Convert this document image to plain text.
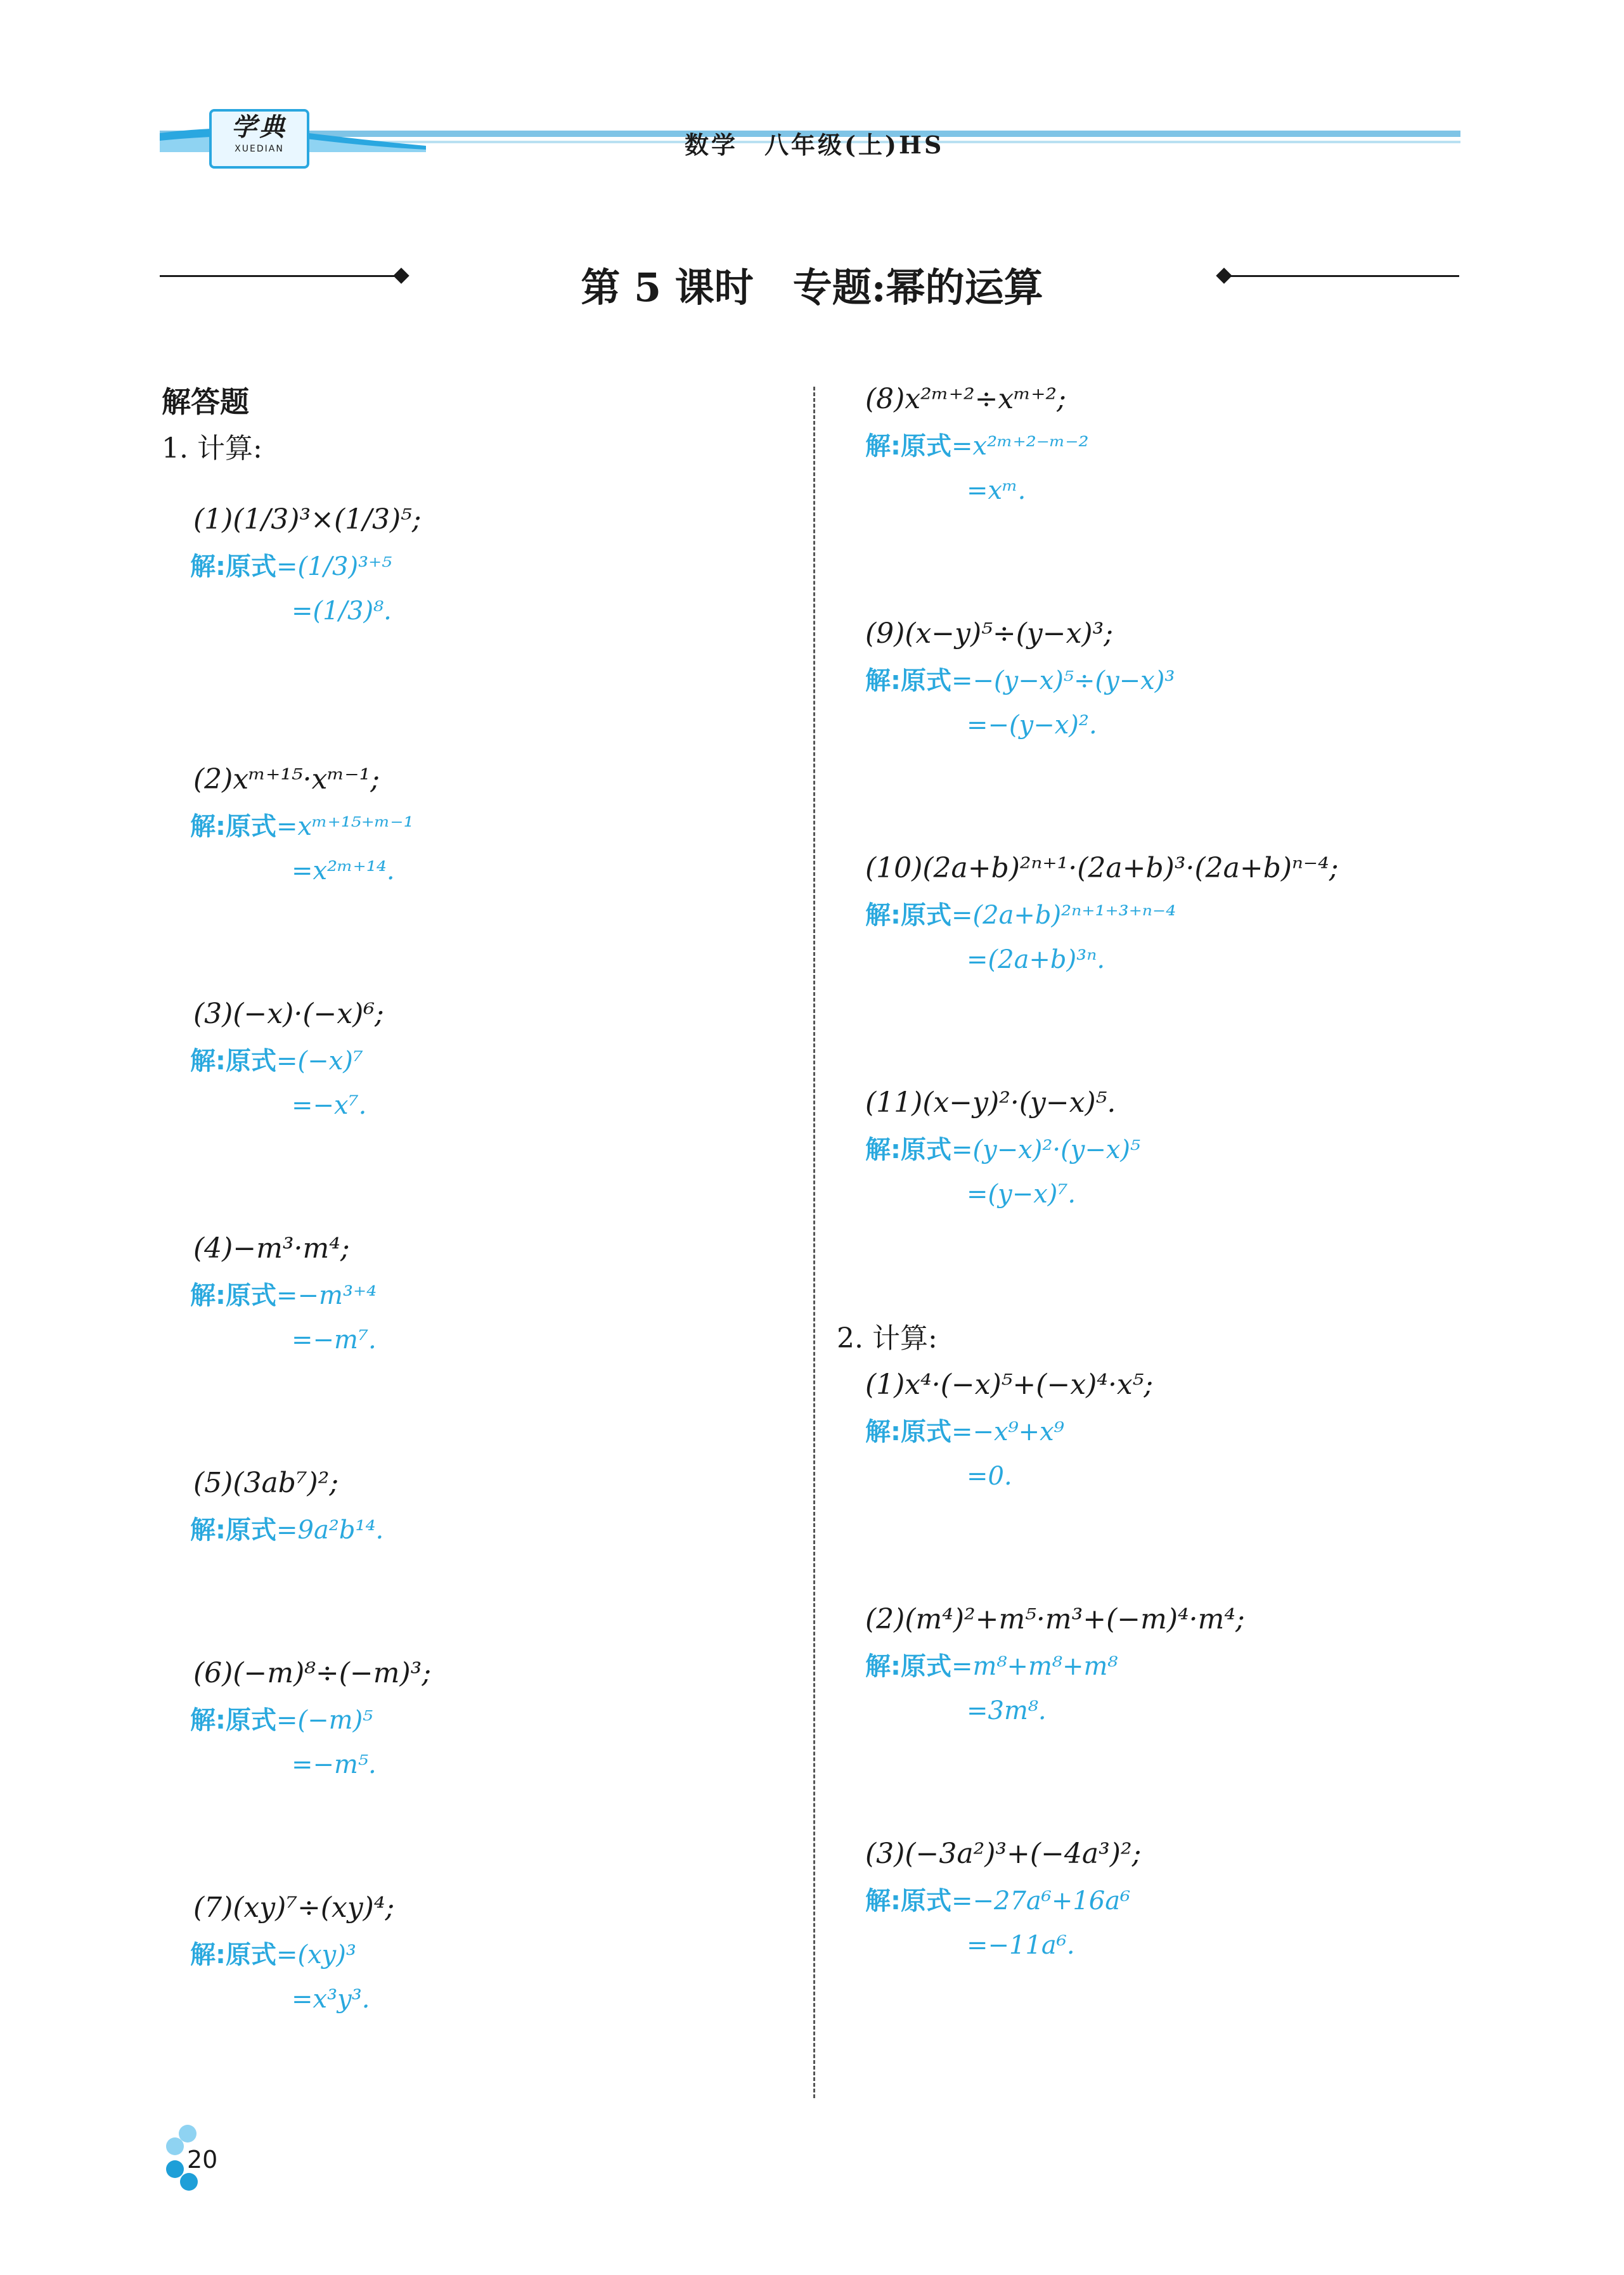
学典
XUEDIAN	数学　八年级(上)HS
第 5 课时　专题:幂的运算
解答题
1. 计算:
(1)(1/3)³×(1/3)⁵;
解:原式=(1/3)³⁺⁵
=(1/3)⁸.
(2)xᵐ⁺¹⁵·xᵐ⁻¹;
解:原式=xᵐ⁺¹⁵⁺ᵐ⁻¹
=x²ᵐ⁺¹⁴.
(3)(−x)·(−x)⁶;
解:原式=(−x)⁷
=−x⁷.
(4)−m³·m⁴;
解:原式=−m³⁺⁴
=−m⁷.
(5)(3ab⁷)²;
解:原式=9a²b¹⁴.
(6)(−m)⁸÷(−m)³;
解:原式=(−m)⁵
=−m⁵.
(7)(xy)⁷÷(xy)⁴;
解:原式=(xy)³
=x³y³.
(8)x²ᵐ⁺²÷xᵐ⁺²;
解:原式=x²ᵐ⁺²⁻ᵐ⁻²
=xᵐ.
(9)(x−y)⁵÷(y−x)³;
解:原式=−(y−x)⁵÷(y−x)³
=−(y−x)².
(10)(2a+b)²ⁿ⁺¹·(2a+b)³·(2a+b)ⁿ⁻⁴;
解:原式=(2a+b)²ⁿ⁺¹⁺³⁺ⁿ⁻⁴
=(2a+b)³ⁿ.
(11)(x−y)²·(y−x)⁵.
解:原式=(y−x)²·(y−x)⁵
=(y−x)⁷.
2. 计算:
(1)x⁴·(−x)⁵+(−x)⁴·x⁵;
解:原式=−x⁹+x⁹
=0.
(2)(m⁴)²+m⁵·m³+(−m)⁴·m⁴;
解:原式=m⁸+m⁸+m⁸
=3m⁸.
(3)(−3a²)³+(−4a³)²;
解:原式=−27a⁶+16a⁶
=−11a⁶.
20
